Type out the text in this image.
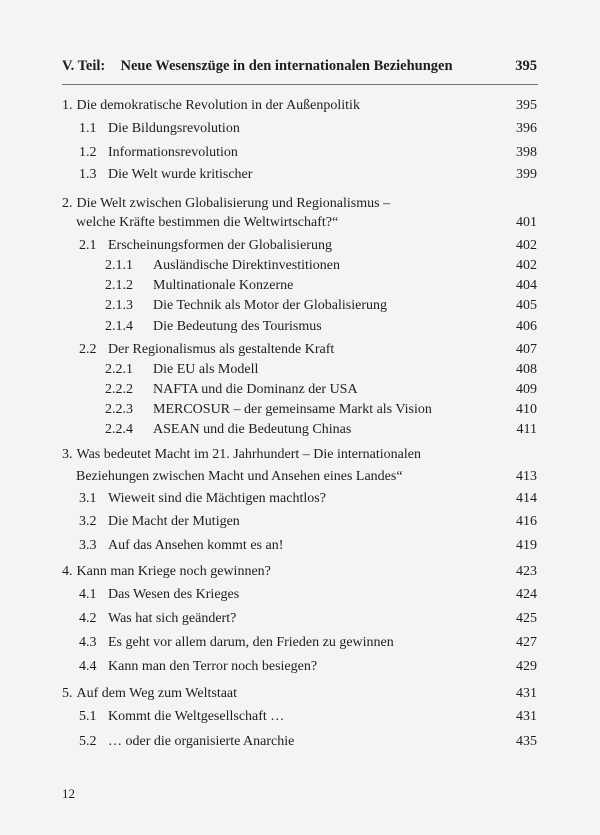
V. Teil: Neue Wesenszüge in den internationalen Beziehungen	395
1. Die demokratische Revolution in der Außenpolitik	395
1.1 Die Bildungsrevolution	396
1.2 Informationsrevolution	398
1.3 Die Welt wurde kritischer	399
2. Die Welt zwischen Globalisierung und Regionalismus –
welche Kräfte bestimmen die Weltwirtschaft?“	401
2.1 Erscheinungsformen der Globalisierung	402
2.1.1 Ausländische Direktinvestitionen	402
2.1.2 Multinationale Konzerne	404
2.1.3 Die Technik als Motor der Globalisierung	405
2.1.4 Die Bedeutung des Tourismus	406
2.2 Der Regionalismus als gestaltende Kraft	407
2.2.1 Die EU als Modell	408
2.2.2 NAFTA und die Dominanz der USA	409
2.2.3 MERCOSUR – der gemeinsame Markt als Vision	410
2.2.4 ASEAN und die Bedeutung Chinas	411
3. Was bedeutet Macht im 21. Jahrhundert – Die internationalen
Beziehungen zwischen Macht und Ansehen eines Landes“	413
3.1 Wieweit sind die Mächtigen machtlos?	414
3.2 Die Macht der Mutigen	416
3.3 Auf das Ansehen kommt es an!	419
4. Kann man Kriege noch gewinnen?	423
4.1 Das Wesen des Krieges	424
4.2 Was hat sich geändert?	425
4.3 Es geht vor allem darum, den Frieden zu gewinnen	427
4.4 Kann man den Terror noch besiegen?	429
5. Auf dem Weg zum Weltstaat	431
5.1 Kommt die Weltgesellschaft …	431
5.2 … oder die organisierte Anarchie	435
12
